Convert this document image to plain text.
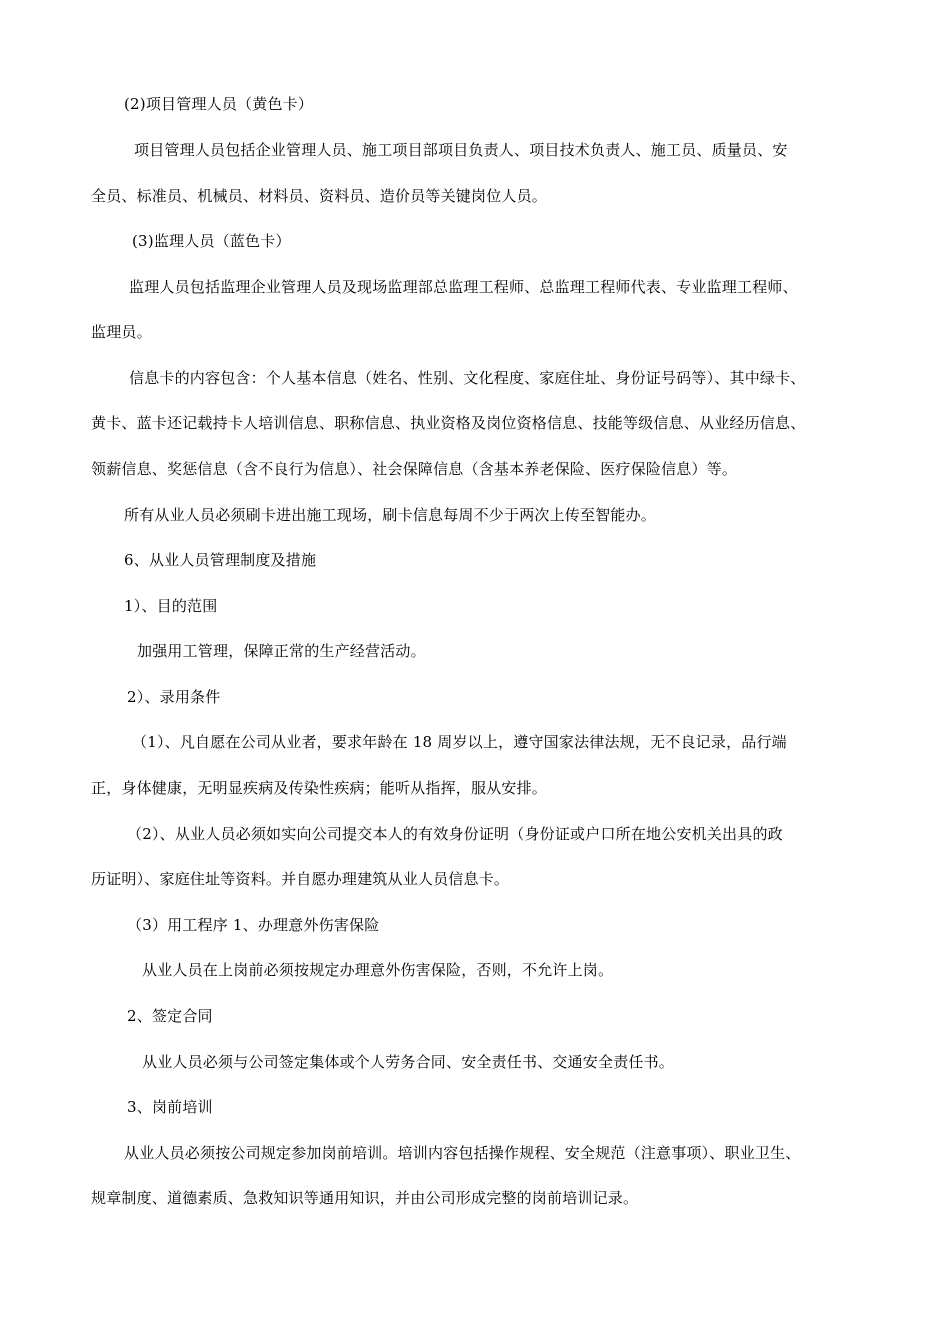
(2)项目管理人员（黄色卡）

项目管理人员包括企业管理人员、施工项目部项目负责人、项目技术负责人、施工员、质量员、安

全员、标准员、机械员、材料员、资料员、造价员等关键岗位人员。

(3)监理人员（蓝色卡）

监理人员包括监理企业管理人员及现场监理部总监理工程师、总监理工程师代表、专业监理工程师、

监理员。

信息卡的内容包含：个人基本信息（姓名、性别、文化程度、家庭住址、身份证号码等）、其中绿卡、

黄卡、蓝卡还记载持卡人培训信息、职称信息、执业资格及岗位资格信息、技能等级信息、从业经历信息、

领薪信息、奖惩信息（含不良行为信息）、社会保障信息（含基本养老保险、医疗保险信息）等。

所有从业人员必须刷卡进出施工现场，刷卡信息每周不少于两次上传至智能办。

6、从业人员管理制度及措施

1）、目的范围

加强用工管理，保障正常的生产经营活动。

2）、录用条件

（1）、凡自愿在公司从业者，要求年龄在 18 周岁以上，遵守国家法律法规，无不良记录，品行端

正，身体健康，无明显疾病及传染性疾病；能听从指挥，服从安排。

（2）、从业人员必须如实向公司提交本人的有效身份证明（身份证或户口所在地公安机关出具的政

历证明）、家庭住址等资料。并自愿办理建筑从业人员信息卡。

（3）用工程序 1、办理意外伤害保险

从业人员在上岗前必须按规定办理意外伤害保险，否则，不允许上岗。

2、签定合同

从业人员必须与公司签定集体或个人劳务合同、安全责任书、交通安全责任书。

3、岗前培训

从业人员必须按公司规定参加岗前培训。培训内容包括操作规程、安全规范（注意事项）、职业卫生、

规章制度、道德素质、急救知识等通用知识，并由公司形成完整的岗前培训记录。
